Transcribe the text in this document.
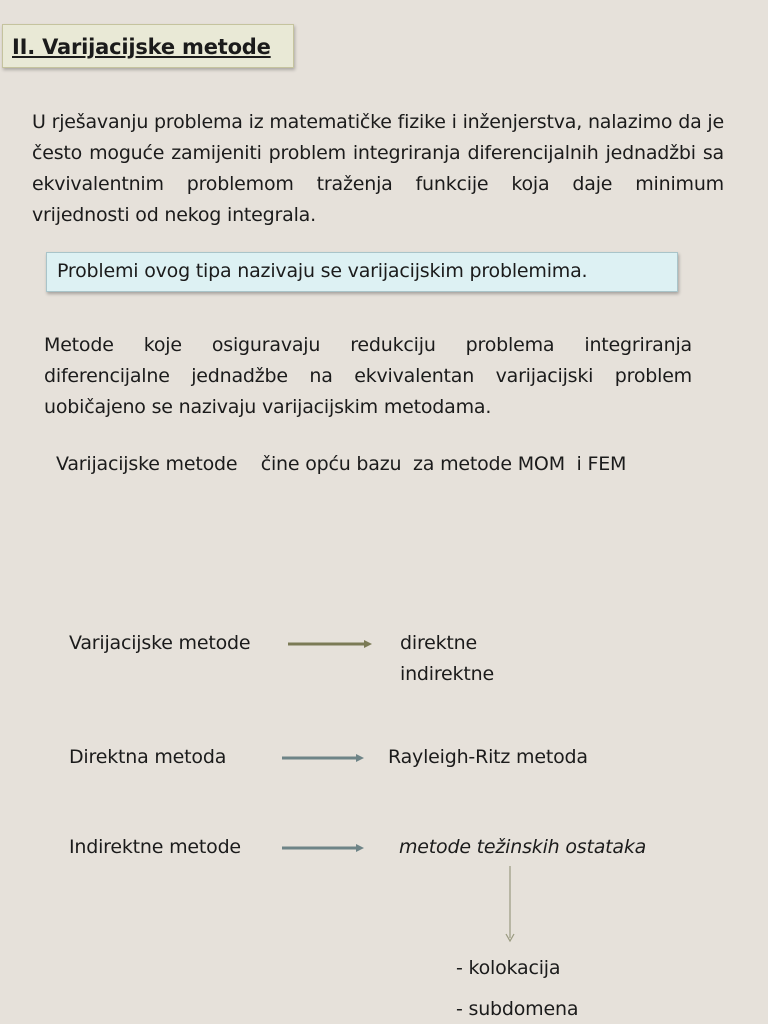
II. Varijacijske metode

U rješavanju problema iz matematičke fizike i inženjerstva, nalazimo da je često moguće zamijeniti problem integriranja diferencijalnih jednadžbi sa ekvivalentnim problemom traženja funkcije koja daje minimum vrijednosti od nekog integrala.

Problemi ovog tipa nazivaju se varijacijskim problemima.

Metode koje osiguravaju redukciju problema integriranja diferencijalne jednadžbe na ekvivalentan varijacijski problem uobičajeno se nazivaju varijacijskim metodama.

Varijacijske metode    čine opću bazu  za metode MOM  i FEM
Varijacijske metode	direktne
indirektne
Direktna metoda	Rayleigh-Ritz metoda
Indirektne metode	metode težinskih ostataka
- kolokacija
- subdomena
